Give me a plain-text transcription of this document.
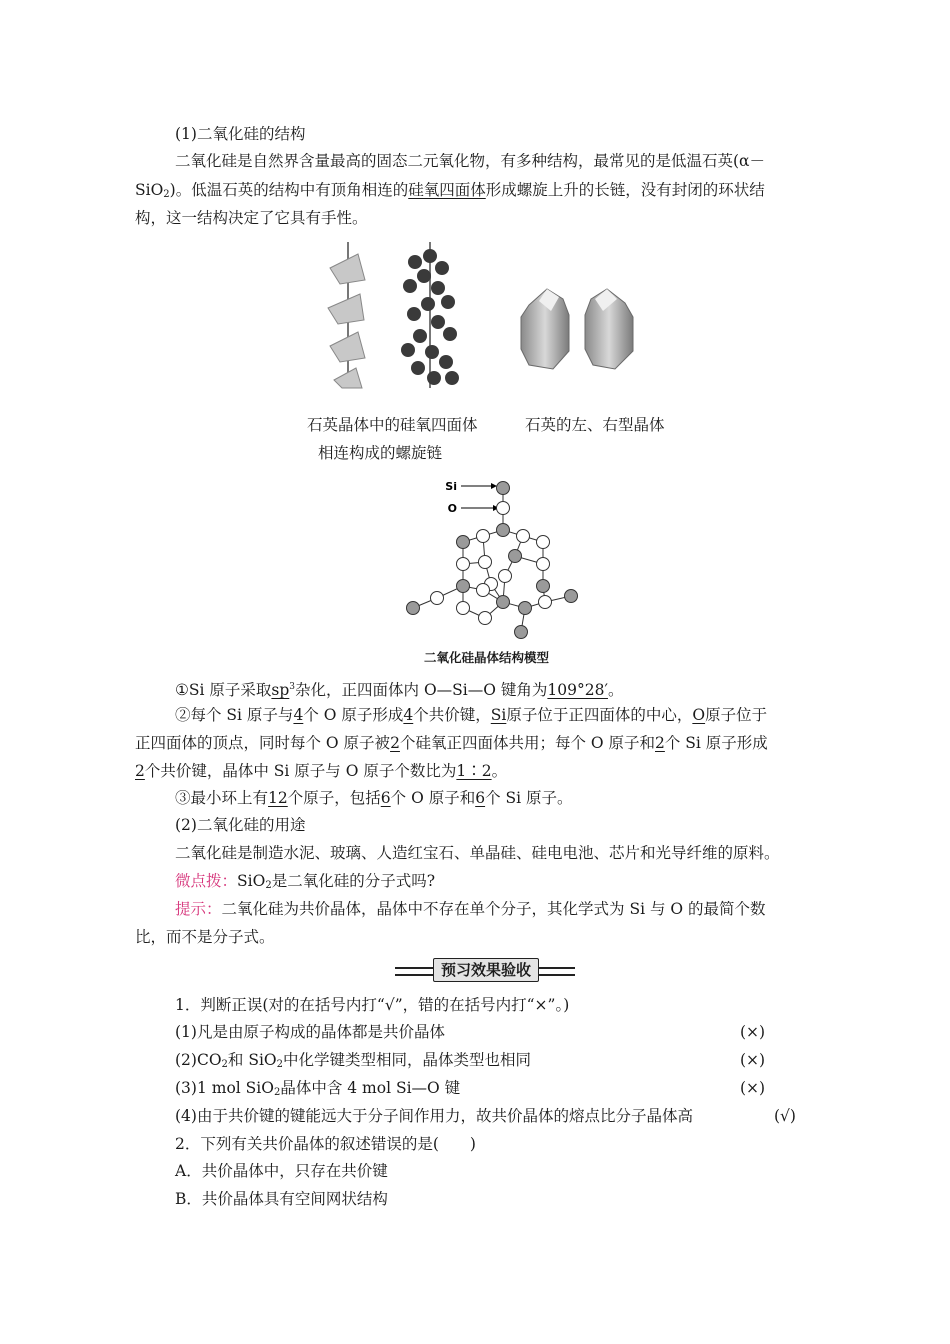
(1)二氧化硅的结构
二氧化硅是自然界含量最高的固态二元氧化物，有多种结构，最常见的是低温石英(α－
SiO$_2$)。低温石英的结构中有顶角相连的硅氧四面体形成螺旋上升的长链，没有封闭的环状结
构，这一结构决定了它具有手性。
石英晶体中的硅氧四面体
相连构成的螺旋链
石英的左、右型晶体
Si
O
二氧化硅晶体结构模型
①Si 原子采取$sp^3$杂化，正四面体内 O—Si—O 键角为109°28′。
②每个 Si 原子与4个 O 原子形成4个共价键，Si原子位于正四面体的中心，O原子位于
正四面体的顶点，同时每个 O 原子被2个硅氧正四面体共用；每个 O 原子和2个 Si 原子形成
2个共价键，晶体中 Si 原子与 O 原子个数比为1∶2。
③最小环上有12个原子，包括6个 O 原子和6个 Si 原子。
(2)二氧化硅的用途
二氧化硅是制造水泥、玻璃、人造红宝石、单晶硅、硅电电池、芯片和光导纤维的原料。
微点拨：SiO$_2$是二氧化硅的分子式吗?
提示：二氧化硅为共价晶体，晶体中不存在单个分子，其化学式为 Si 与 O 的最简个数
比，而不是分子式。
预习效果验收
1．判断正误(对的在括号内打“√”，错的在括号内打“×”。)
(1)凡是由原子构成的晶体都是共价晶体	(×)
$(2)CO_2$和 SiO$_2$中化学键类型相同，晶体类型也相同	(×)
(3)1 mol SiO$_2$晶体中含 4 mol Si—O 键	(×)
(4)由于共价键的键能远大于分子间作用力，故共价晶体的熔点比分子晶体高	(√)
2．下列有关共价晶体的叙述错误的是(　　)
A．共价晶体中，只存在共价键
B．共价晶体具有空间网状结构
